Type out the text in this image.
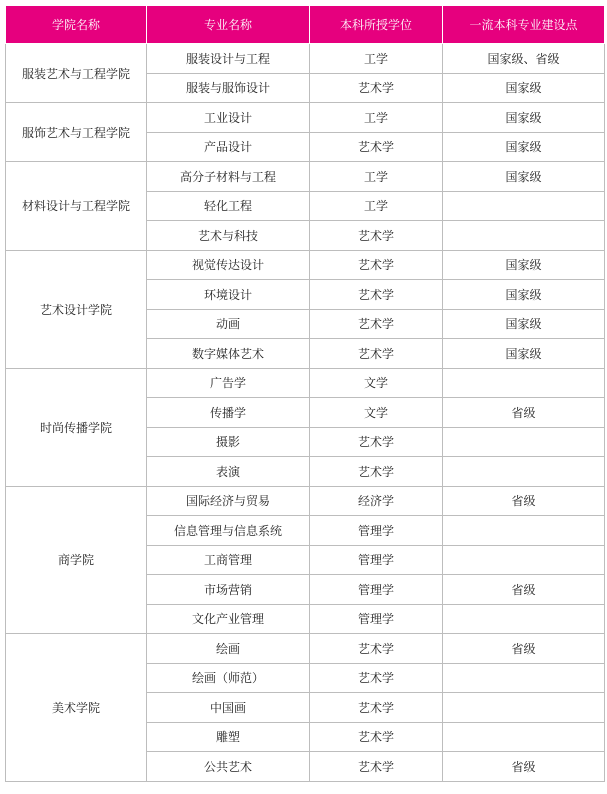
学院名称	专业名称	本科所授学位	一流本科专业建设点
服装艺术与工程学院	服装设计与工程	工学	国家级、省级
	服装与服饰设计	艺术学	国家级
服饰艺术与工程学院	工业设计	工学	国家级
	产品设计	艺术学	国家级
材料设计与工程学院	高分子材料与工程	工学	国家级
	轻化工程	工学	
	艺术与科技	艺术学	
艺术设计学院	视觉传达设计	艺术学	国家级
	环境设计	艺术学	国家级
	动画	艺术学	国家级
	数字媒体艺术	艺术学	国家级
时尚传播学院	广告学	文学	
	传播学	文学	省级
	摄影	艺术学	
	表演	艺术学	
商学院	国际经济与贸易	经济学	省级
	信息管理与信息系统	管理学	
	工商管理	管理学	
	市场营销	管理学	省级
	文化产业管理	管理学	
美术学院	绘画	艺术学	省级
	绘画（师范）	艺术学	
	中国画	艺术学	
	雕塑	艺术学	
	公共艺术	艺术学	省级
